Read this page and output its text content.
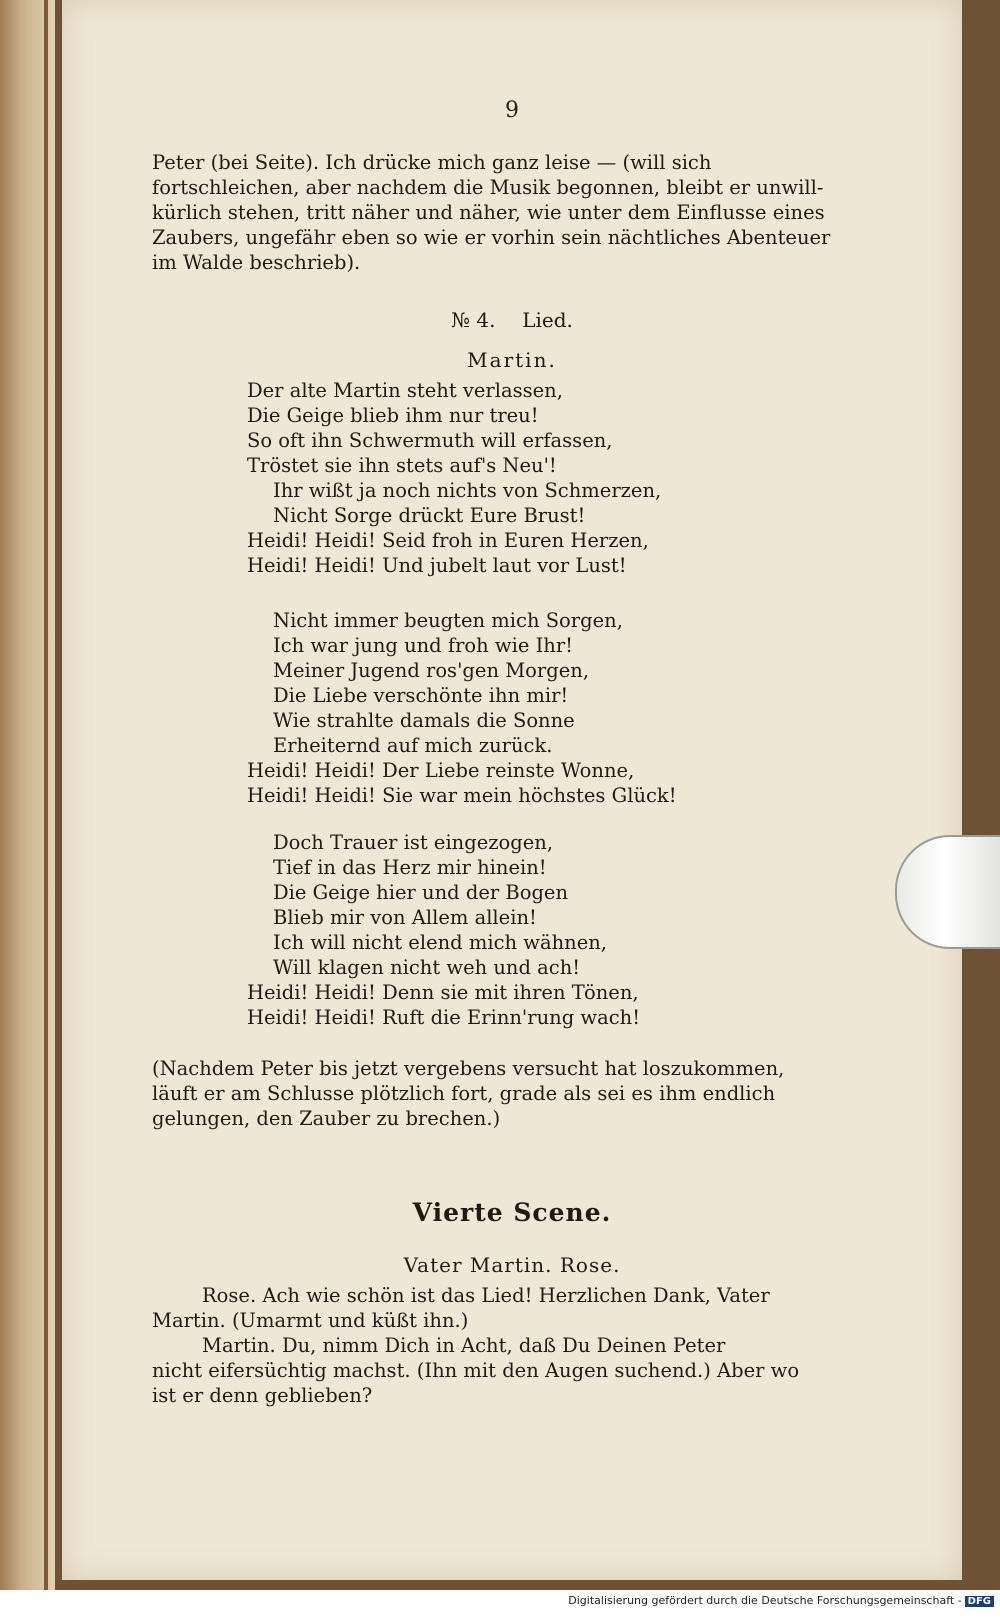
9

Peter (bei Seite). Ich drücke mich ganz leise — (will sich

fortschleichen, aber nachdem die Musik begonnen, bleibt er unwill-

kürlich stehen, tritt näher und näher, wie unter dem Einflusse eines

Zaubers, ungefähr eben so wie er vorhin sein nächtliches Abenteuer

im Walde beschrieb).

№ 4. Lied.
Martin.
Der alte Martin steht verlassen,
Die Geige blieb ihm nur treu!
So oft ihn Schwermuth will erfassen,
Tröstet sie ihn stets auf's Neu'!
Ihr wißt ja noch nichts von Schmerzen,
Nicht Sorge drückt Eure Brust!
Heidi! Heidi! Seid froh in Euren Herzen,
Heidi! Heidi! Und jubelt laut vor Lust!
Nicht immer beugten mich Sorgen,
Ich war jung und froh wie Ihr!
Meiner Jugend ros'gen Morgen,
Die Liebe verschönte ihn mir!
Wie strahlte damals die Sonne
Erheiternd auf mich zurück.
Heidi! Heidi! Der Liebe reinste Wonne,
Heidi! Heidi! Sie war mein höchstes Glück!
Doch Trauer ist eingezogen,
Tief in das Herz mir hinein!
Die Geige hier und der Bogen
Blieb mir von Allem allein!
Ich will nicht elend mich wähnen,
Will klagen nicht weh und ach!
Heidi! Heidi! Denn sie mit ihren Tönen,
Heidi! Heidi! Ruft die Erinn'rung wach!

(Nachdem Peter bis jetzt vergebens versucht hat loszukommen,

läuft er am Schlusse plötzlich fort, grade als sei es ihm endlich

gelungen, den Zauber zu brechen.)

Vierte Scene.
Vater Martin. Rose.

Rose. Ach wie schön ist das Lied! Herzlichen Dank, Vater

Martin. (Umarmt und küßt ihn.)

Martin. Du, nimm Dich in Acht, daß Du Deinen Peter

nicht eifersüchtig machst. (Ihn mit den Augen suchend.) Aber wo

ist er denn geblieben?

Digitalisierung gefördert durch die Deutsche Forschungsgemeinschaft - DFG
